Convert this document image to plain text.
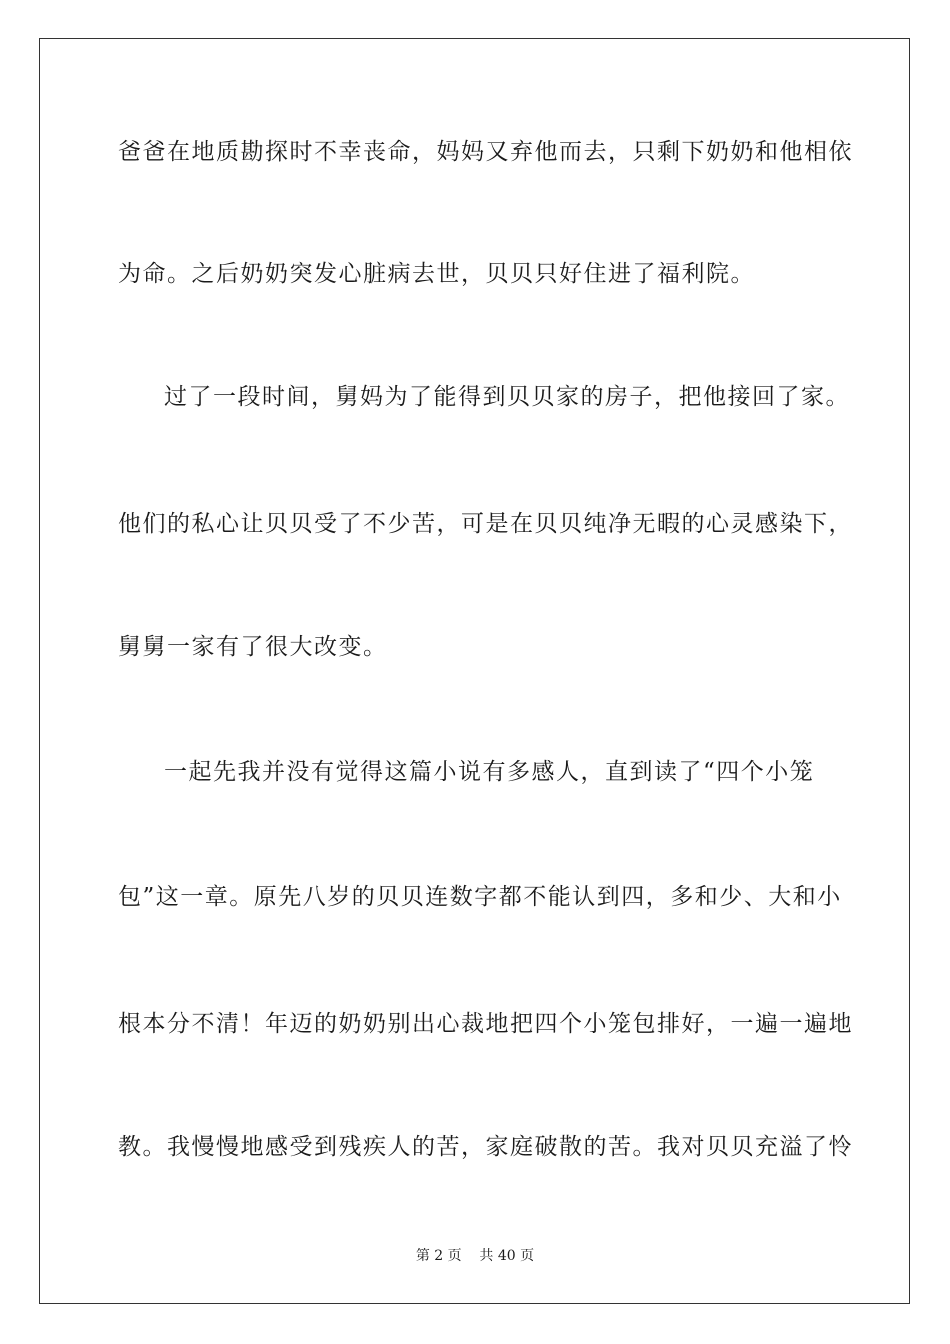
爸爸在地质勘探时不幸丧命，妈妈又弃他而去，只剩下奶奶和他相依
为命。之后奶奶突发心脏病去世，贝贝只好住进了福利院。
过了一段时间，舅妈为了能得到贝贝家的房子，把他接回了家。
他们的私心让贝贝受了不少苦，可是在贝贝纯净无暇的心灵感染下，
舅舅一家有了很大改变。
一起先我并没有觉得这篇小说有多感人，直到读了“四个小笼
包”这一章。原先八岁的贝贝连数字都不能认到四，多和少、大和小
根本分不清！年迈的奶奶别出心裁地把四个小笼包排好，一遍一遍地
教。我慢慢地感受到残疾人的苦，家庭破散的苦。我对贝贝充溢了怜
第 2 页    共 40 页
